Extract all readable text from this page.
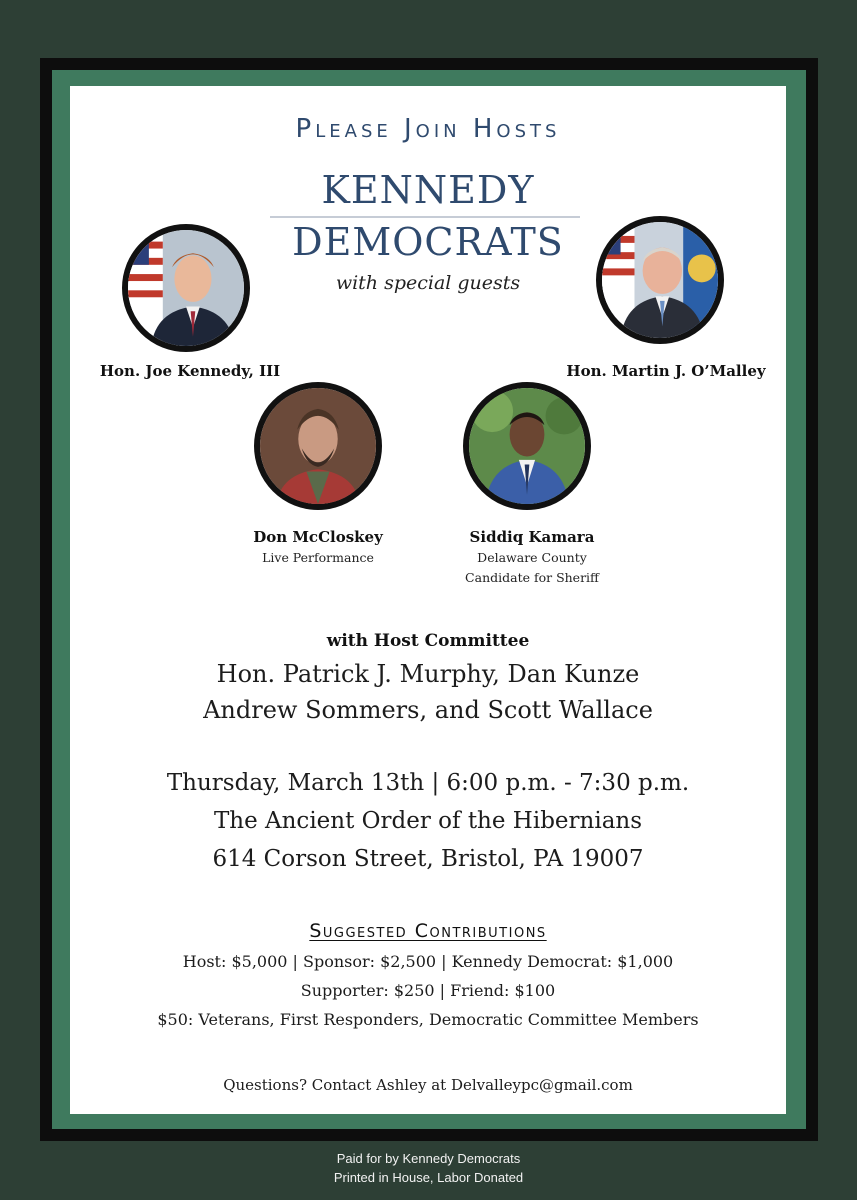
Please Join Hosts
KENNEDY
DEMOCRATS
with special guests
Hon. Joe Kennedy, III	Hon. Martin J. O’Malley
Don McCloskey
Live Performance
Siddiq Kamara
Delaware County
Candidate for Sheriff
with Host Committee
Hon. Patrick J. Murphy, Dan Kunze
Andrew Sommers, and Scott Wallace
Thursday, March 13th | 6:00 p.m. - 7:30 p.m.
The Ancient Order of the Hibernians
614 Corson Street, Bristol, PA 19007
Suggested Contributions
Host: $5,000 | Sponsor: $2,500 | Kennedy Democrat: $1,000
Supporter: $250 | Friend: $100
$50: Veterans, First Responders, Democratic Committee Members
Questions? Contact Ashley at Delvalleypc@gmail.com
Paid for by Kennedy Democrats
Printed in House, Labor Donated
